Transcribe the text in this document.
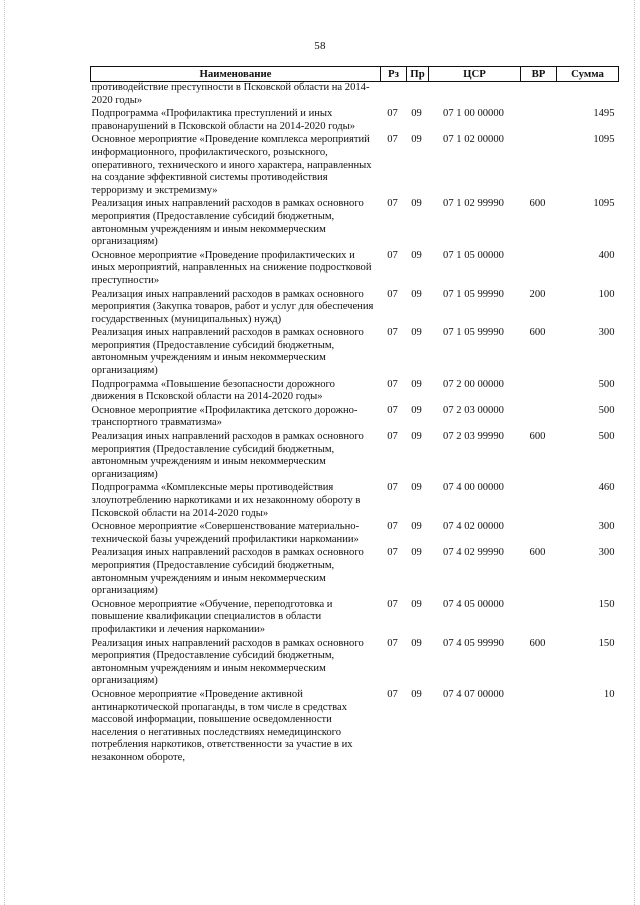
58
Наименование	Рз	Пр	ЦСР	ВР	Сумма
противодействие преступности в Псковской области на 2014-2020 годы»					
Подпрограмма «Профилактика преступлений и иных правонарушений в Псковской области на 2014-2020 годы»	07	09	07 1 00 00000		1495
Основное мероприятие «Проведение комплекса мероприятий информационного, профилактического, розыскного, оперативного, технического и иного характера, направленных на создание эффективной системы противодействия терроризму и экстремизму»	07	09	07 1 02 00000		1095
Реализация иных направлений расходов в рамках основного мероприятия (Предоставление субсидий бюджетным, автономным учреждениям и иным некоммерческим организациям)	07	09	07 1 02 99990	600	1095
Основное мероприятие «Проведение профилактических и иных мероприятий, направленных на снижение подростковой преступности»	07	09	07 1 05 00000		400
Реализация иных направлений расходов в рамках основного мероприятия (Закупка товаров, работ и услуг для обеспечения государственных (муниципальных) нужд)	07	09	07 1 05 99990	200	100
Реализация иных направлений расходов в рамках основного мероприятия (Предоставление субсидий бюджетным, автономным учреждениям и иным некоммерческим организациям)	07	09	07 1 05 99990	600	300
Подпрограмма «Повышение безопасности дорожного движения в Псковской области на 2014-2020 годы»	07	09	07 2 00 00000		500
Основное мероприятие «Профилактика детского дорожно-транспортного травматизма»	07	09	07 2 03 00000		500
Реализация иных направлений расходов в рамках основного мероприятия (Предоставление субсидий бюджетным, автономным учреждениям и иным некоммерческим организациям)	07	09	07 2 03 99990	600	500
Подпрограмма «Комплексные меры противодействия злоупотреблению наркотиками и их незаконному обороту в Псковской области на 2014-2020 годы»	07	09	07 4 00 00000		460
Основное мероприятие «Совершенствование материально-технической базы учреждений профилактики наркомании»	07	09	07 4 02 00000		300
Реализация иных направлений расходов в рамках основного мероприятия (Предоставление субсидий бюджетным, автономным учреждениям и иным некоммерческим организациям)	07	09	07 4 02 99990	600	300
Основное мероприятие «Обучение, переподготовка и повышение квалификации специалистов в области профилактики и лечения наркомании»	07	09	07 4 05 00000		150
Реализация иных направлений расходов в рамках основного мероприятия (Предоставление субсидий бюджетным, автономным учреждениям и иным некоммерческим организациям)	07	09	07 4 05 99990	600	150
Основное мероприятие «Проведение активной антинаркотической пропаганды, в том числе в средствах массовой информации, повышение осведомленности населения о негативных последствиях немедицинского потребления наркотиков, ответственности за участие в их незаконном обороте,	07	09	07 4 07 00000		10
